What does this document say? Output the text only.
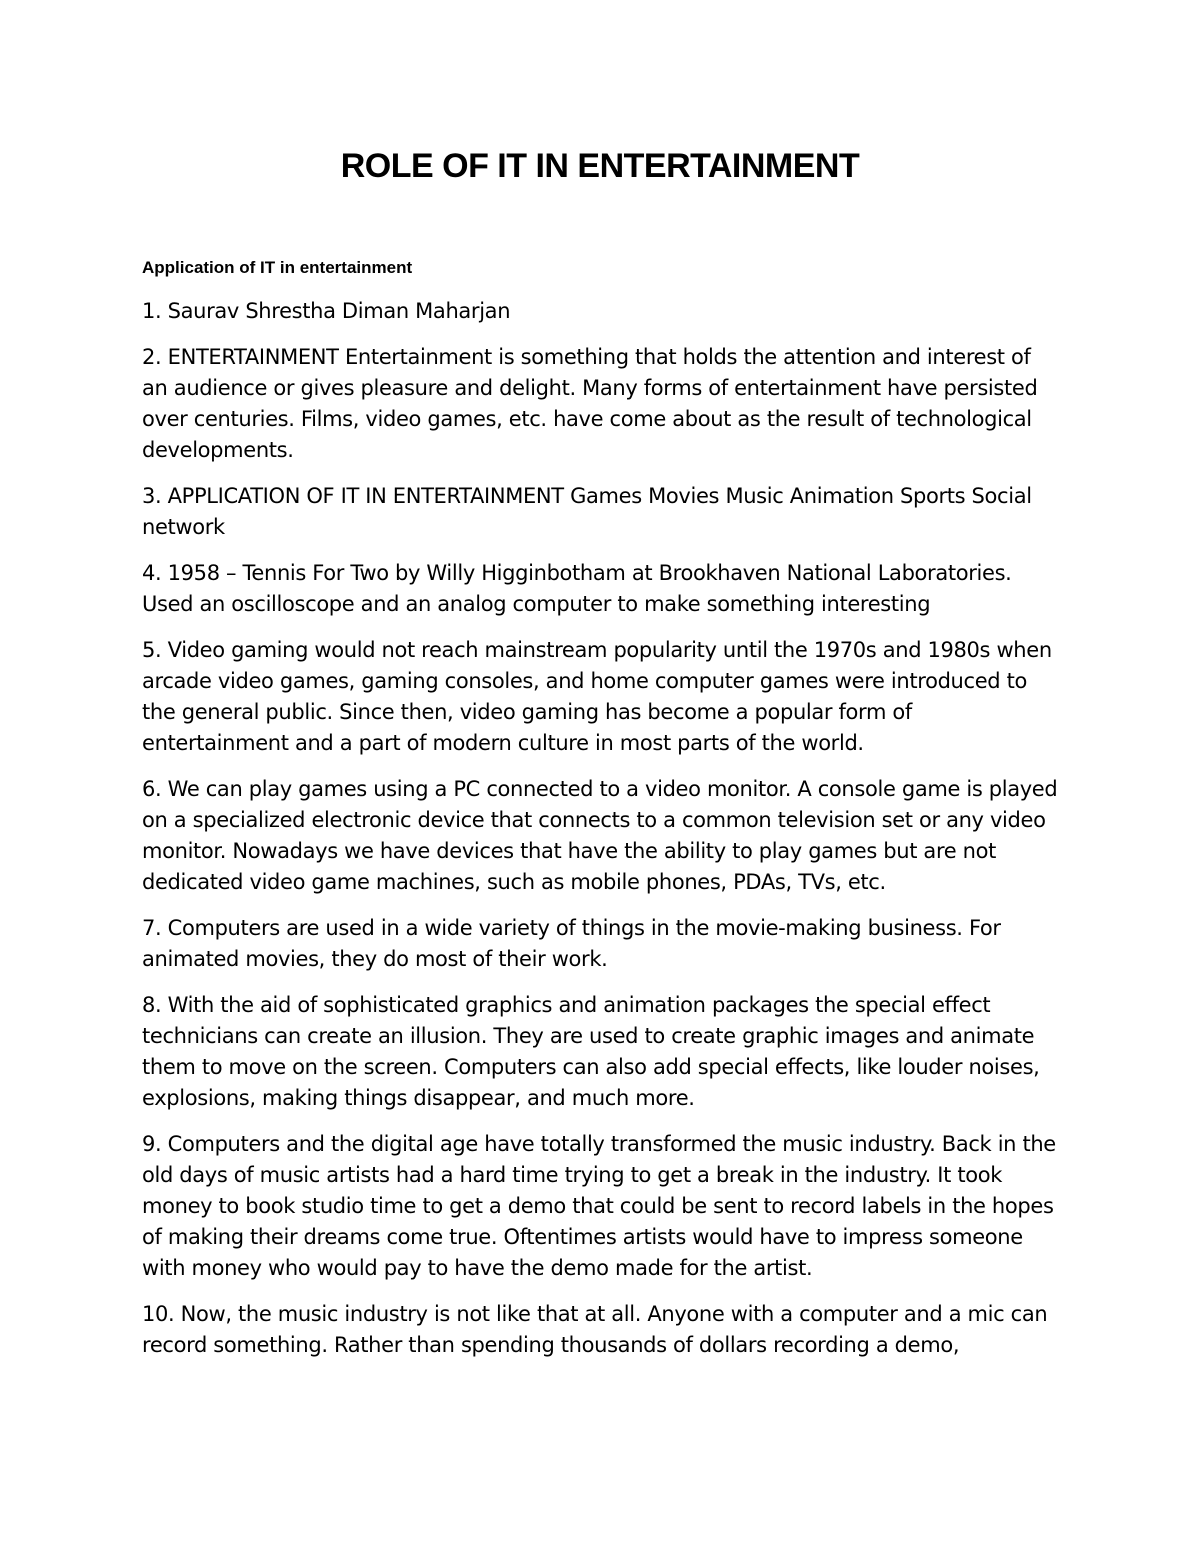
ROLE OF IT IN ENTERTAINMENT

Application of IT in entertainment

1. Saurav Shrestha Diman Maharjan

2. ENTERTAINMENT Entertainment is something that holds the attention and interest of an audience or gives pleasure and delight. Many forms of entertainment have persisted over centuries. Films, video games, etc. have come about as the result of technological developments.

3. APPLICATION OF IT IN ENTERTAINMENT Games Movies Music Animation Sports Social network

4. 1958 – Tennis For Two by Willy Higginbotham at Brookhaven National Laboratories. Used an oscilloscope and an analog computer to make something interesting

5. Video gaming would not reach mainstream popularity until the 1970s and 1980s when arcade video games, gaming consoles, and home computer games were introduced to the general public. Since then, video gaming has become a popular form of entertainment and a part of modern culture in most parts of the world.

6. We can play games using a PC connected to a video monitor. A console game is played on a specialized electronic device that connects to a common television set or any video monitor. Nowadays we have devices that have the ability to play games but are not dedicated video game machines, such as mobile phones, PDAs, TVs, etc.

7. Computers are used in a wide variety of things in the movie-making business. For animated movies, they do most of their work.

8. With the aid of sophisticated graphics and animation packages the special effect technicians can create an illusion. They are used to create graphic images and animate them to move on the screen. Computers can also add special effects, like louder noises, explosions, making things disappear, and much more.

9. Computers and the digital age have totally transformed the music industry. Back in the old days of music artists had a hard time trying to get a break in the industry. It took money to book studio time to get a demo that could be sent to record labels in the hopes of making their dreams come true. Oftentimes artists would have to impress someone with money who would pay to have the demo made for the artist.

10. Now, the music industry is not like that at all. Anyone with a computer and a mic can record something. Rather than spending thousands of dollars recording a demo,
